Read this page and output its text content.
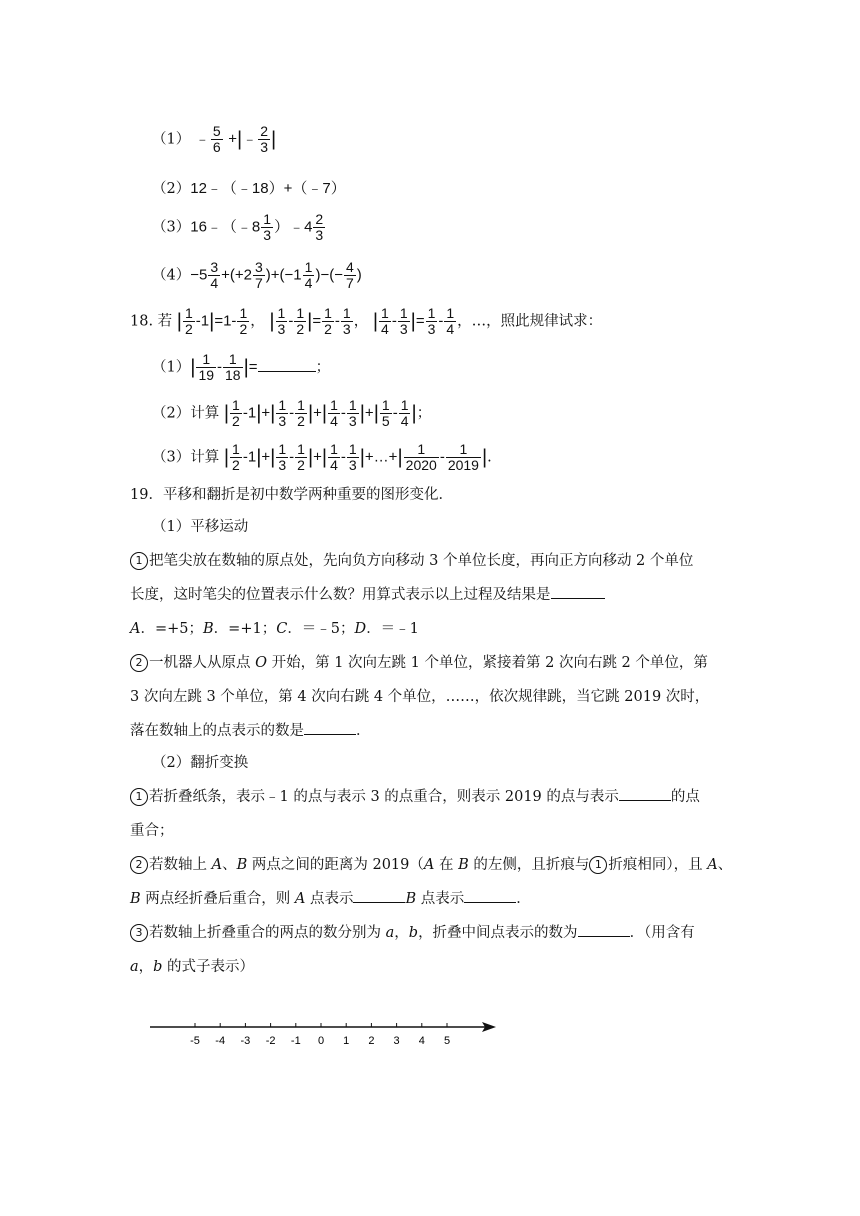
（1） ﹣ $\frac{5}{6}$ +|﹣ $\frac{2}{3}$ |
（2）12﹣（﹣18）+（﹣7）
（3）16﹣（﹣8 $\frac{1}{3}$ ）﹣4 $\frac{2}{3}$
$(4)-5 \frac{3}{4} +(+2 \frac{3}{7} )+(-1 \frac{1}{4}$ )−(− $\frac{4}{7}$ )
18. 若 | $\frac{1}{2} -1|=1- \frac{1}{2}$ ， | $\frac{1}{3} - \frac{1}{2}$ |= $\frac{1}{2} - \frac{1}{3}$ ， | $\frac{1}{4} - \frac{1}{3}$ |= $\frac{1}{3} - \frac{1}{4}$ ，…，照此规律试求：
$(1)| \frac{1}{19} - \frac{1}{18}$ |=	；
（2）计算 | $\frac{1}{2} -1|+| \frac{1}{3} - \frac{1}{2}$ |+| $\frac{1}{4} - \frac{1}{3}$ |+| $\frac{1}{5} - \frac{1}{4}$ |；
（3）计算 | $\frac{1}{2} -1|+| \frac{1}{3} - \frac{1}{2}$ |+| $\frac{1}{4} - \frac{1}{3}$ |+…+| $\frac{1}{2020} - \frac{1}{2019}$ |.
19．平移和翻折是初中数学两种重要的图形变化．
（1）平移运动
1 把笔尖放在数轴的原点处，先向负方向移动 3 个单位长度，再向正方向移动 2 个单位
长度，这时笔尖的位置表示什么数？用算式表示以上过程及结果是
A．=+5；B．=+1；C．＝﹣5；D．＝﹣1
2 一机器人从原点 O 开始，第 1 次向左跳 1 个单位，紧接着第 2 次向右跳 2 个单位，第
3 次向左跳 3 个单位，第 4 次向右跳 4 个单位，……，依次规律跳，当它跳 2019 次时，
落在数轴上的点表示的数是	．
（2）翻折变换
1 若折叠纸条，表示﹣1 的点与表示 3 的点重合，则表示 2019 的点与表示	的点
重合；
2 若数轴上 A、B 两点之间的距离为 2019（A 在 B 的左侧，且折痕与 1 折痕相同），且 A、
B 两点经折叠后重合，则 A 点表示	B 点表示	．
3 若数轴上折叠重合的两点的数分别为 a，b，折叠中间点表示的数为	．（用含有
a，b 的式子表示）
-5 -4 -3 -2 -1 0 1 2 3 4 5
